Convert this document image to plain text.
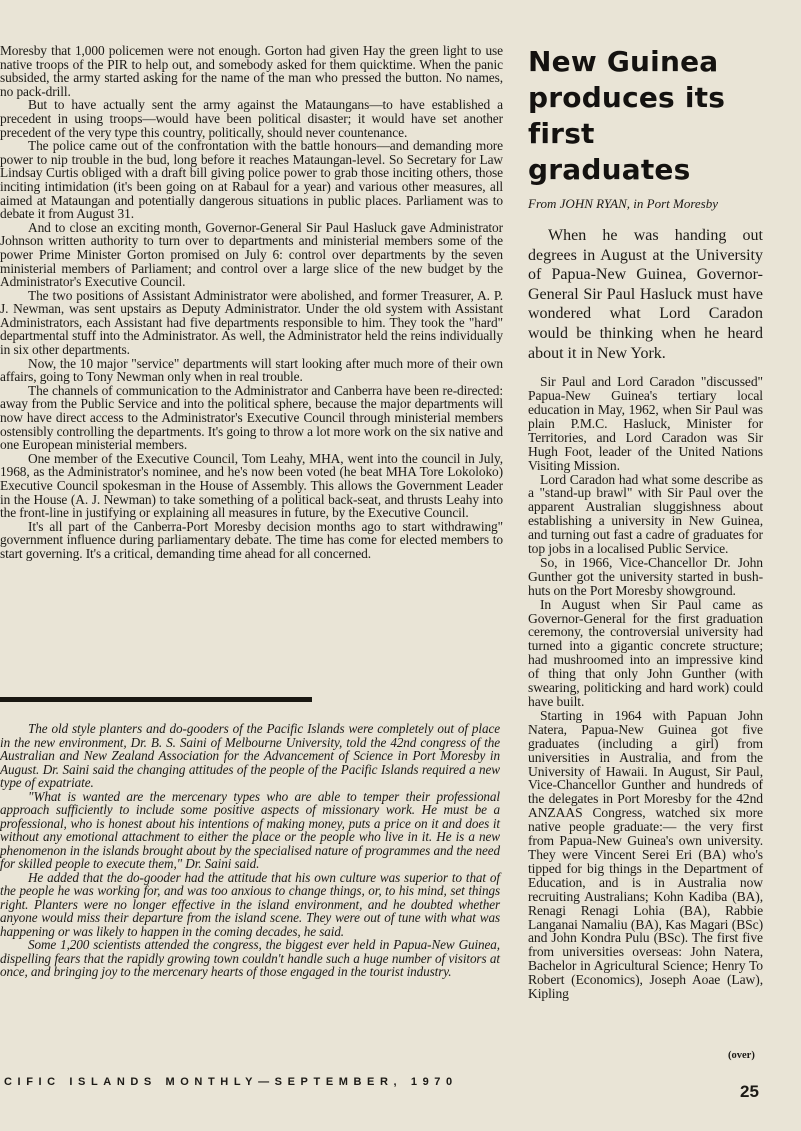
Moresby that 1,000 policemen were not enough. Gorton had given Hay the green light to use native troops of the PIR to help out, and somebody asked for them quicktime. When the panic subsided, the army started asking for the name of the man who pressed the button. No names, no pack-drill.

But to have actually sent the army against the Mataungans—to have established a precedent in using troops—would have been political disaster; it would have set another precedent of the very type this country, politically, should never countenance.

The police came out of the confrontation with the battle honours—and demanding more power to nip trouble in the bud, long before it reaches Mataungan-level. So Secretary for Law Lindsay Curtis obliged with a draft bill giving police power to grab those inciting others, those inciting intimidation (it's been going on at Rabaul for a year) and various other measures, all aimed at Mataungan and potentially dangerous situations in public places. Parliament was to debate it from August 31.

And to close an exciting month, Governor-General Sir Paul Hasluck gave Administrator Johnson written authority to turn over to departments and ministerial members some of the power Prime Minister Gorton promised on July 6: control over departments by the seven ministerial members of Parliament; and control over a large slice of the new budget by the Administrator's Executive Council.

The two positions of Assistant Administrator were abolished, and former Treasurer, A. P. J. Newman, was sent upstairs as Deputy Administrator. Under the old system with Assistant Administrators, each Assistant had five departments responsible to him. They took the "hard" departmental stuff into the Administrator. As well, the Administrator held the reins individually in six other departments.

Now, the 10 major "service" departments will start looking after much more of their own affairs, going to Tony Newman only when in real trouble.

The channels of communication to the Administrator and Canberra have been re-directed: away from the Public Service and into the political sphere, because the major departments will now have direct access to the Administrator's Executive Council through ministerial members ostensibly controlling the departments. It's going to throw a lot more work on the six native and one European ministerial members.

One member of the Executive Council, Tom Leahy, MHA, went into the council in July, 1968, as the Administrator's nominee, and he's now been voted (he beat MHA Tore Lokoloko) Executive Council spokesman in the House of Assembly. This allows the Government Leader in the House (A. J. Newman) to take something of a political back-seat, and thrusts Leahy into the front-line in justifying or explaining all measures in future, by the Executive Council.

It's all part of the Canberra-Port Moresby decision months ago to start withdrawing" government influence during parliamentary debate. The time has come for elected members to start governing. It's a critical, demanding time ahead for all concerned.

The old style planters and do-gooders of the Pacific Islands were completely out of place in the new environment, Dr. B. S. Saini of Melbourne University, told the 42nd congress of the Australian and New Zealand Association for the Advancement of Science in Port Moresby in August. Dr. Saini said the changing attitudes of the people of the Pacific Islands required a new type of expatriate.

"What is wanted are the mercenary types who are able to temper their professional approach sufficiently to include some positive aspects of missionary work. He must be a professional, who is honest about his intentions of making money, puts a price on it and does it without any emotional attachment to either the place or the people who live in it. He is a new phenomenon in the islands brought about by the specialised nature of programmes and the need for skilled people to execute them," Dr. Saini said.

He added that the do-gooder had the attitude that his own culture was superior to that of the people he was working for, and was too anxious to change things, or, to his mind, set things right. Planters were no longer effective in the island environment, and he doubted whether anyone would miss their departure from the island scene. They were out of tune with what was happening or was likely to happen in the coming decades, he said.

Some 1,200 scientists attended the congress, the biggest ever held in Papua-New Guinea, dispelling fears that the rapidly growing town couldn't handle such a huge number of visitors at once, and bringing joy to the mercenary hearts of those engaged in the tourist industry.

New Guinea produces its first graduates
From JOHN RYAN, in Port Moresby

When he was handing out degrees in August at the University of Papua-New Guinea, Governor-General Sir Paul Hasluck must have wondered what Lord Caradon would be thinking when he heard about it in New York.

Sir Paul and Lord Caradon "discussed" Papua-New Guinea's tertiary local education in May, 1962, when Sir Paul was plain P.M.C. Hasluck, Minister for Territories, and Lord Caradon was Sir Hugh Foot, leader of the United Nations Visiting Mission.

Lord Caradon had what some describe as a "stand-up brawl" with Sir Paul over the apparent Australian sluggishness about establishing a university in New Guinea, and turning out fast a cadre of graduates for top jobs in a localised Public Service.

So, in 1966, Vice-Chancellor Dr. John Gunther got the university started in bush-huts on the Port Moresby showground.

In August when Sir Paul came as Governor-General for the first graduation ceremony, the controversial university had turned into a gigantic concrete structure; had mushroomed into an impressive kind of thing that only John Gunther (with swearing, politicking and hard work) could have built.

Starting in 1964 with Papuan John Natera, Papua-New Guinea got five graduates (including a girl) from universities in Australia, and from the University of Hawaii. In August, Sir Paul, Vice-Chancellor Gunther and hundreds of the delegates in Port Moresby for the 42nd ANZAAS Congress, watched six more native people graduate:— the very first from Papua-New Guinea's own university. They were Vincent Serei Eri (BA) who's tipped for big things in the Department of Education, and is in Australia now recruiting Australians; Kohn Kadiba (BA), Renagi Renagi Lohia (BA), Rabbie Langanai Namaliu (BA), Kas Magari (BSc) and John Kondra Pulu (BSc). The first five from universities overseas: John Natera, Bachelor in Agricultural Science; Henry To Robert (Economics), Joseph Aoae (Law), Kipling

(over)
CIFIC ISLANDS MONTHLY—SEPTEMBER, 1970	25
